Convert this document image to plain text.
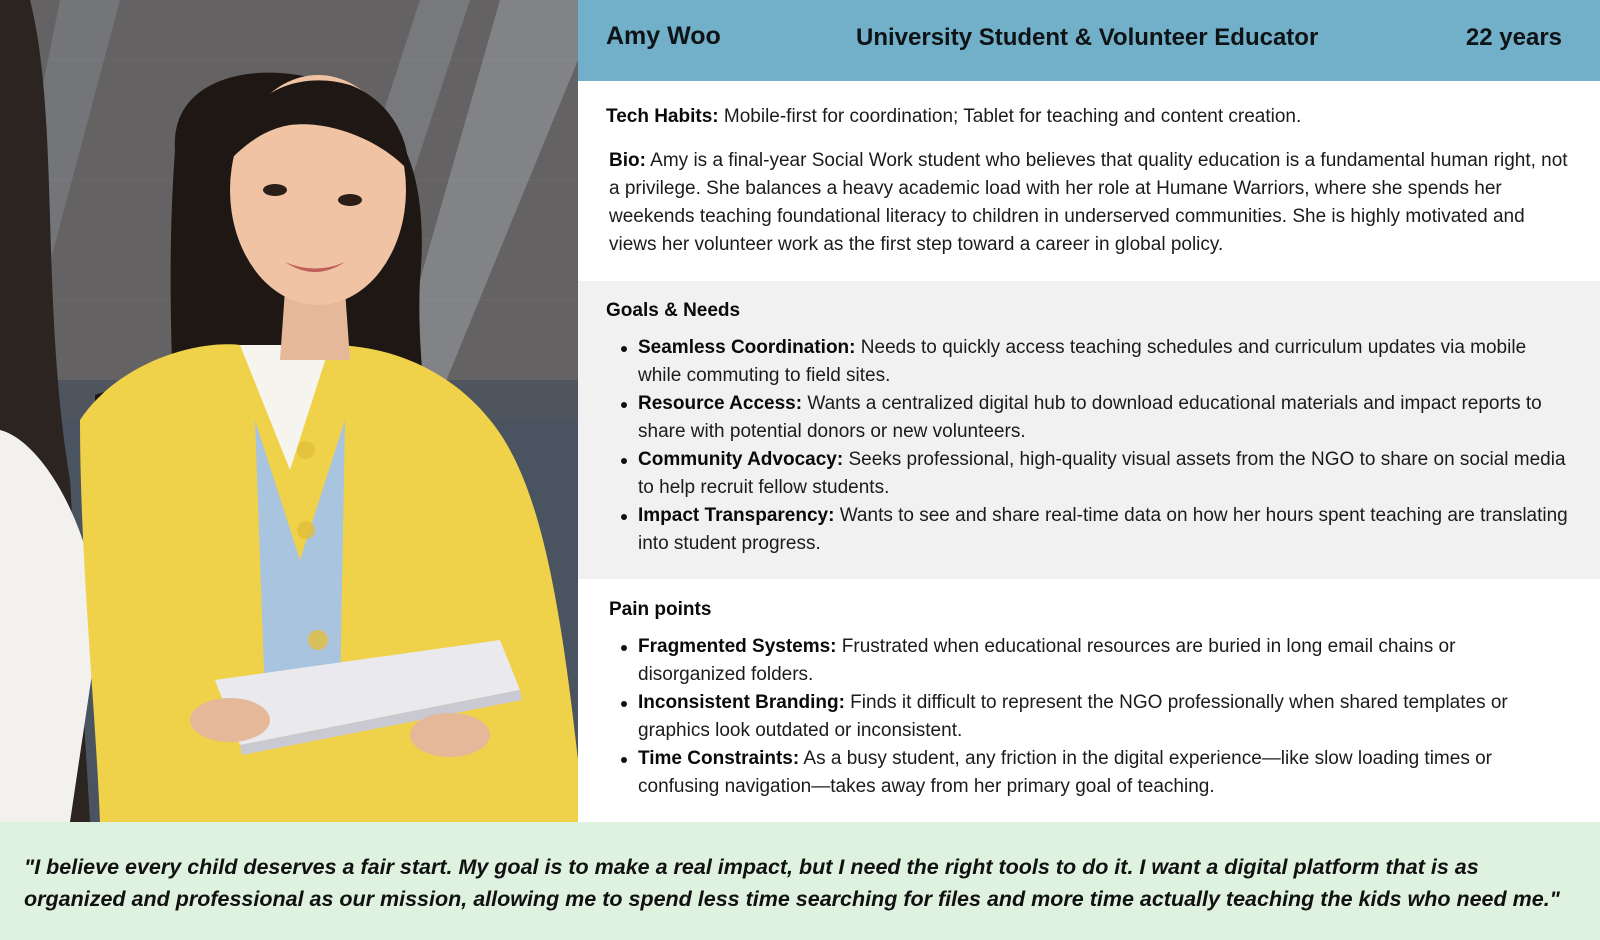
Amy Woo	University Student & Volunteer Educator	22 years
Tech Habits: Mobile-first for coordination; Tablet for teaching and content creation.
Bio: Amy is a final-year Social Work student who believes that quality education is a fundamental human right, not a privilege. She balances a heavy academic load with her role at Humane Warriors, where she spends her weekends teaching foundational literacy to children in underserved communities. She is highly motivated and views her volunteer work as the first step toward a career in global policy.
Goals & Needs
Seamless Coordination: Needs to quickly access teaching schedules and curriculum updates via mobile while commuting to field sites.
Resource Access: Wants a centralized digital hub to download educational materials and impact reports to share with potential donors or new volunteers.
Community Advocacy: Seeks professional, high-quality visual assets from the NGO to share on social media to help recruit fellow students.
Impact Transparency: Wants to see and share real-time data on how her hours spent teaching are translating into student progress.
Pain points
Fragmented Systems: Frustrated when educational resources are buried in long email chains or disorganized folders.
Inconsistent Branding: Finds it difficult to represent the NGO professionally when shared templates or graphics look outdated or inconsistent.
Time Constraints: As a busy student, any friction in the digital experience—like slow loading times or confusing navigation—takes away from her primary goal of teaching.

"I believe every child deserves a fair start. My goal is to make a real impact, but I need the right tools to do it. I want a digital platform that is as organized and professional as our mission, allowing me to spend less time searching for files and more time actually teaching the kids who need me."
